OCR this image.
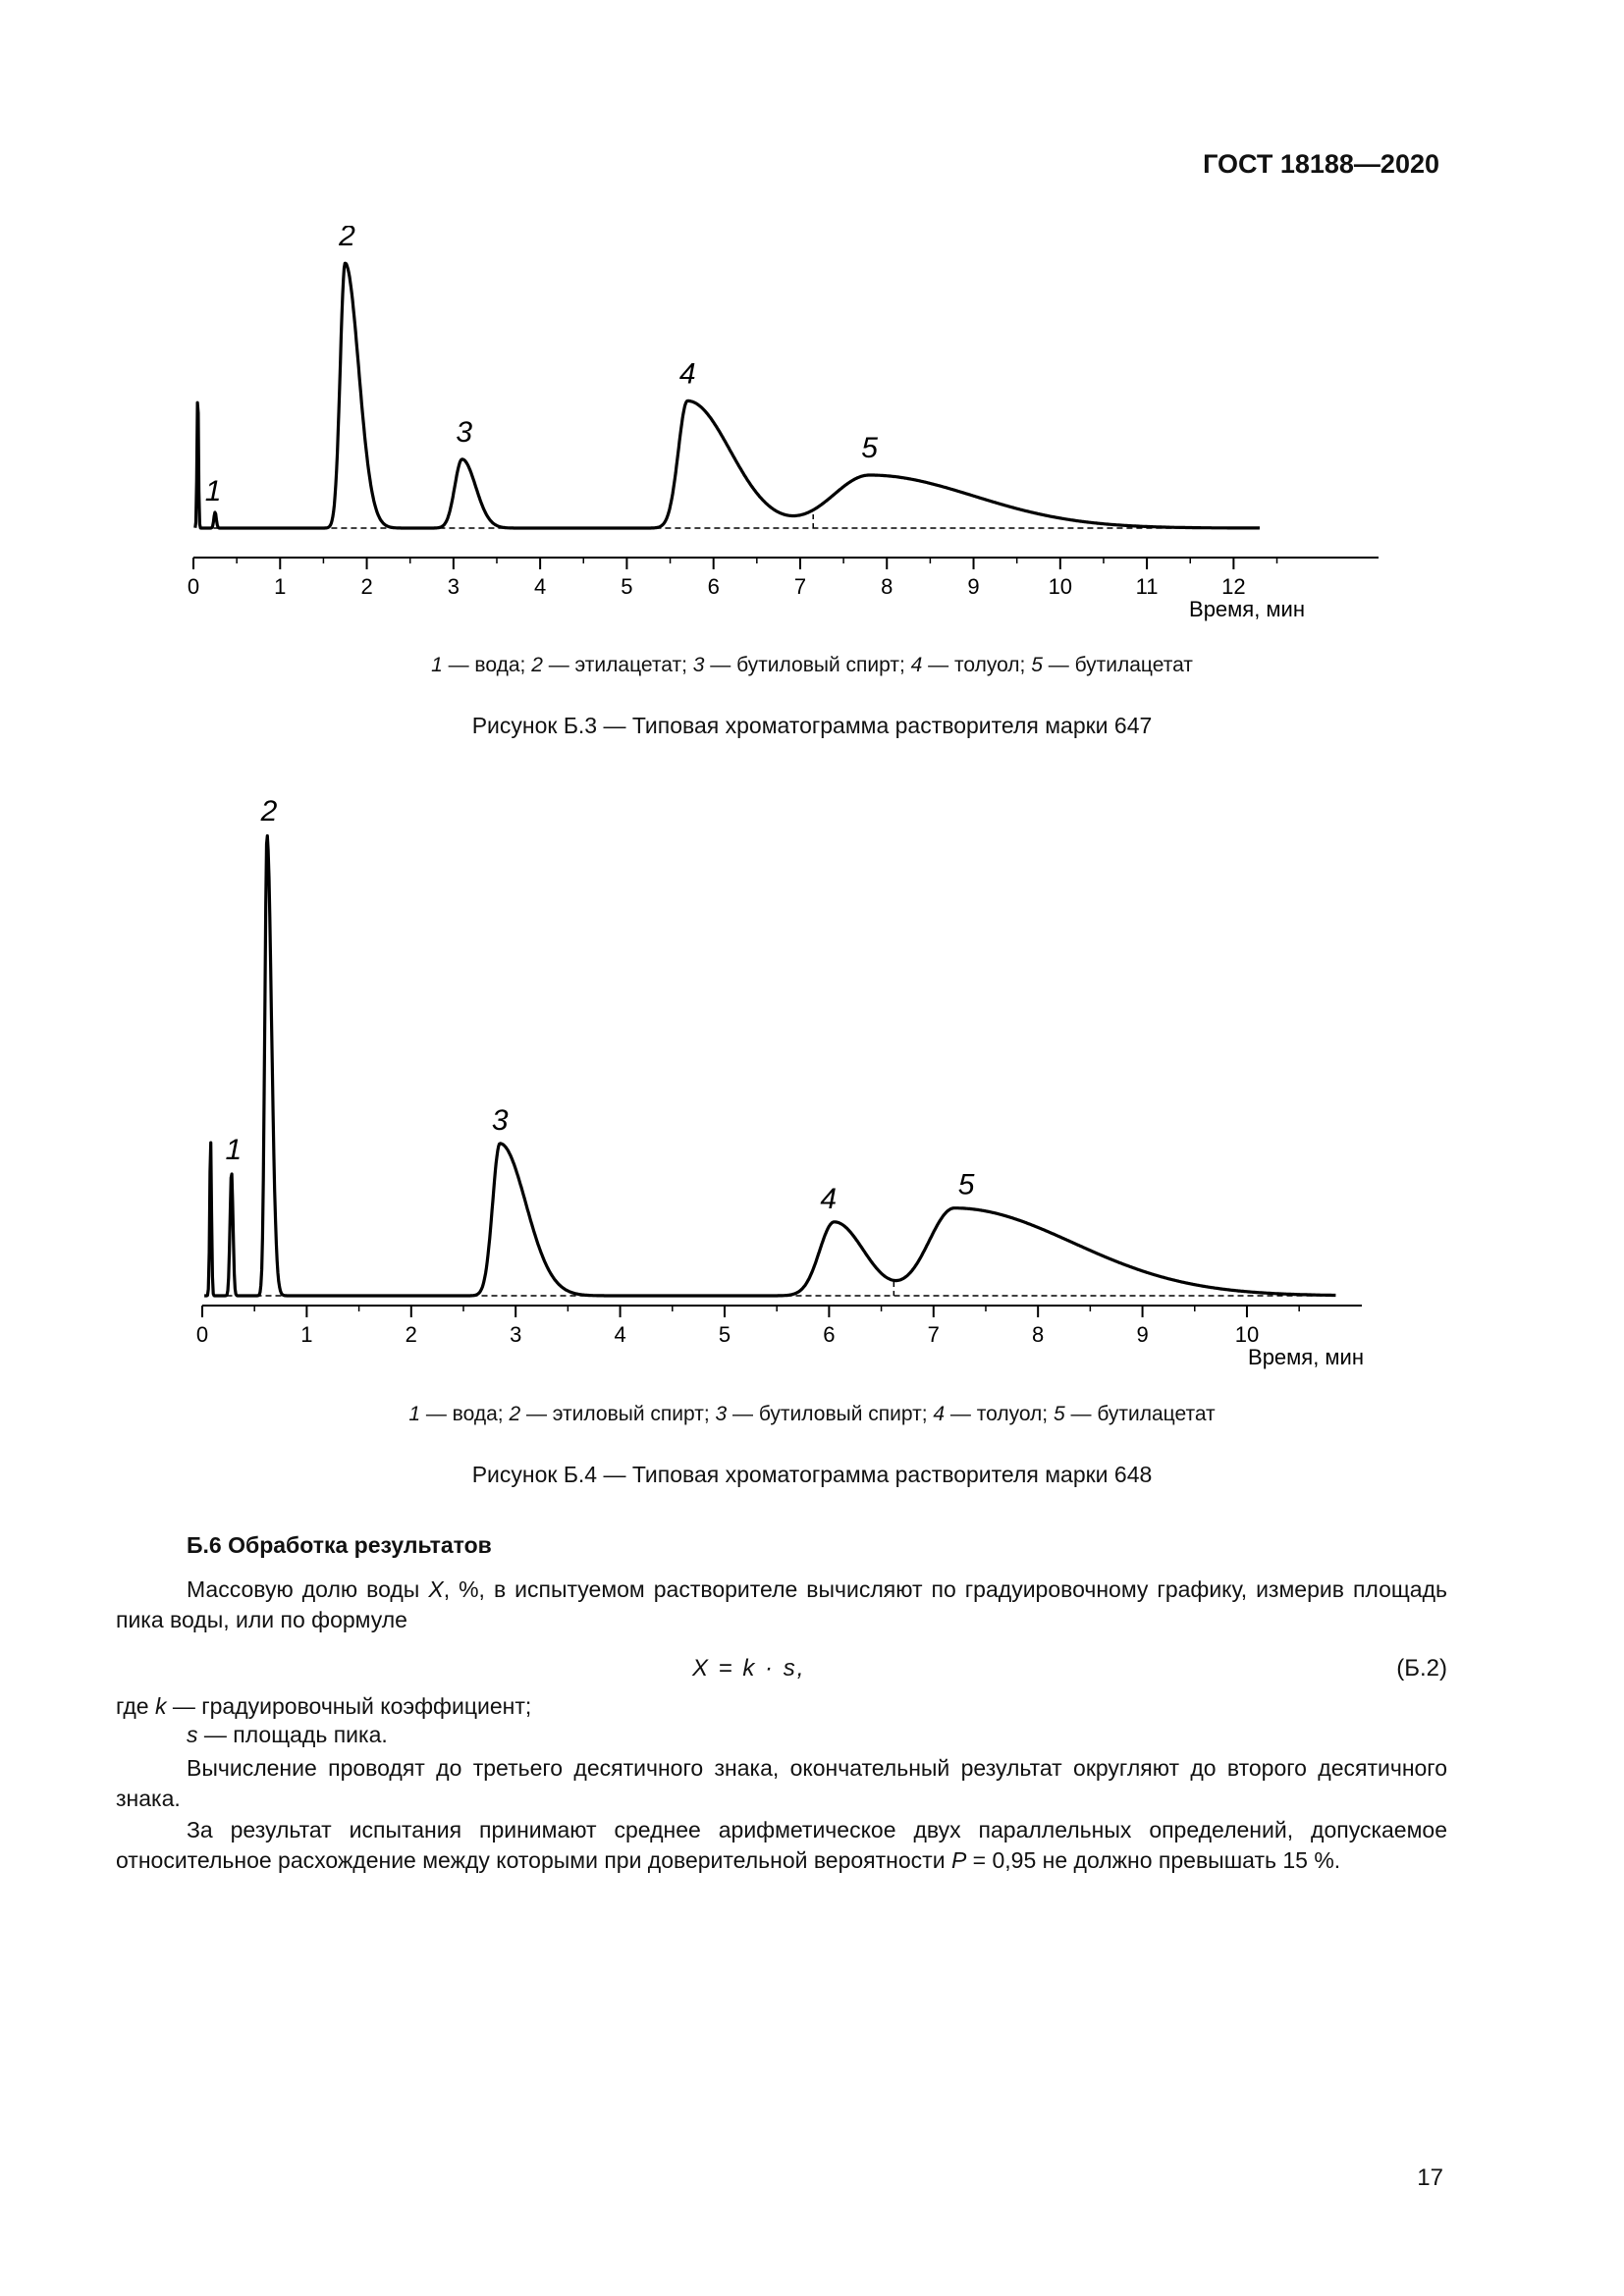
ГОСТ 18188—2020
0	1	2	3	4	5	6	7	8	9	10	11	12
Время, мин
1
2
3
4
5
1 — вода; 2 — этилацетат; 3 — бутиловый спирт; 4 — толуол; 5 — бутилацетат
Рисунок Б.3 — Типовая хроматограмма растворителя марки 647
0	1	2	3	4	5	6	7	8	9	10
Время, мин
1
2
3
4	5
1 — вода; 2 — этиловый спирт; 3 — бутиловый спирт; 4 — толуол; 5 — бутилацетат
Рисунок Б.4 — Типовая хроматограмма растворителя марки 648
Б.6 Обработка результатов
Массовую долю воды X, %, в испытуемом растворителе вычисляют по градуировочному графику, измерив площадь пика воды, или по формуле
X = k · s,	(Б.2)
где k — градуировочный коэффициент;
s — площадь пика.
Вычисление проводят до третьего десятичного знака, окончательный результат округляют до второго десятичного знака.
За результат испытания принимают среднее арифметическое двух параллельных определений, допускаемое относительное расхождение между которыми при доверительной вероятности P = 0,95 не должно превышать 15 %.
17
